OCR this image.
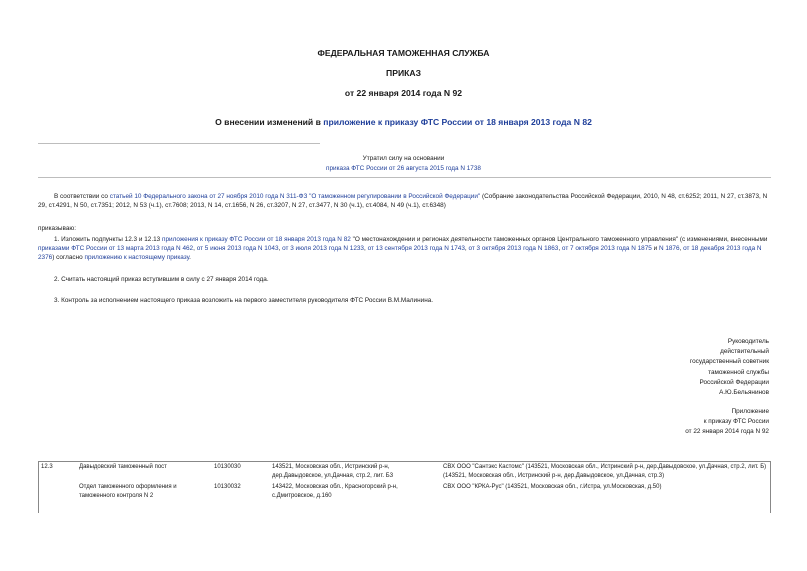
ФЕДЕРАЛЬНАЯ ТАМОЖЕННАЯ СЛУЖБА
ПРИКАЗ
от 22 января 2014 года N 92
О внесении изменений в приложение к приказу ФТС России от 18 января 2013 года N 82
Утратил силу на основании
приказа ФТС России от 26 августа 2015 года N 1738
В соответствии со статьей 10 Федерального закона от 27 ноября 2010 года N 311-ФЗ "О таможенном регулировании в Российской Федерации" (Собрание законодательства Российской Федерации, 2010, N 48, ст.6252; 2011, N 27, ст.3873, N 29, ст.4291, N 50, ст.7351; 2012, N 53 (ч.1), ст.7608; 2013, N 14, ст.1656, N 26, ст.3207, N 27, ст.3477, N 30 (ч.1), ст.4084, N 49 (ч.1), ст.6348)
приказываю:
1. Изложить подпункты 12.3 и 12.13 приложения к приказу ФТС России от 18 января 2013 года N 82 "О местонахождении и регионах деятельности таможенных органов Центрального таможенного управления" (с изменениями, внесенными приказами ФТС России от 13 марта 2013 года N 462, от 5 июня 2013 года N 1043, от 3 июля 2013 года N 1233, от 13 сентября 2013 года N 1743, от 3 октября 2013 года N 1863, от 7 октября 2013 года N 1875 и N 1876, от 18 декабря 2013 года N 2376) согласно приложению к настоящему приказу.
2. Считать настоящий приказ вступившим в силу с 27 января 2014 года.
3. Контроль за исполнением настоящего приказа возложить на первого заместителя руководителя ФТС России В.М.Малинина.
Руководитель
действительный
государственный советник
таможенной службы
Российской Федерации
А.Ю.Бельянинов
Приложение
к приказу ФТС России
от 22 января 2014 года N 92
12.3	Давыдовский таможенный пост	10130030	143521, Московская обл., Истринский р-н, дер.Давыдовское, ул.Дачная, стр.2, лит. Б3	СВХ ООО "Сантэкс Кастомс" (143521, Московская обл., Истринский р-н, дер.Давыдовское, ул.Дачная, стр.2, лит. Б)
(143521, Московская обл., Истринский р-н, дер.Давыдовское, ул.Дачная, стр.3)

	Отдел таможенного оформления и таможенного контроля N 2	10130032	143422, Московская обл., Красногорский р-н, с.Дмитровское, д.160	СВХ ООО "КРКА-Рус" (143521, Московская обл., г.Истра, ул.Московская, д.50)
